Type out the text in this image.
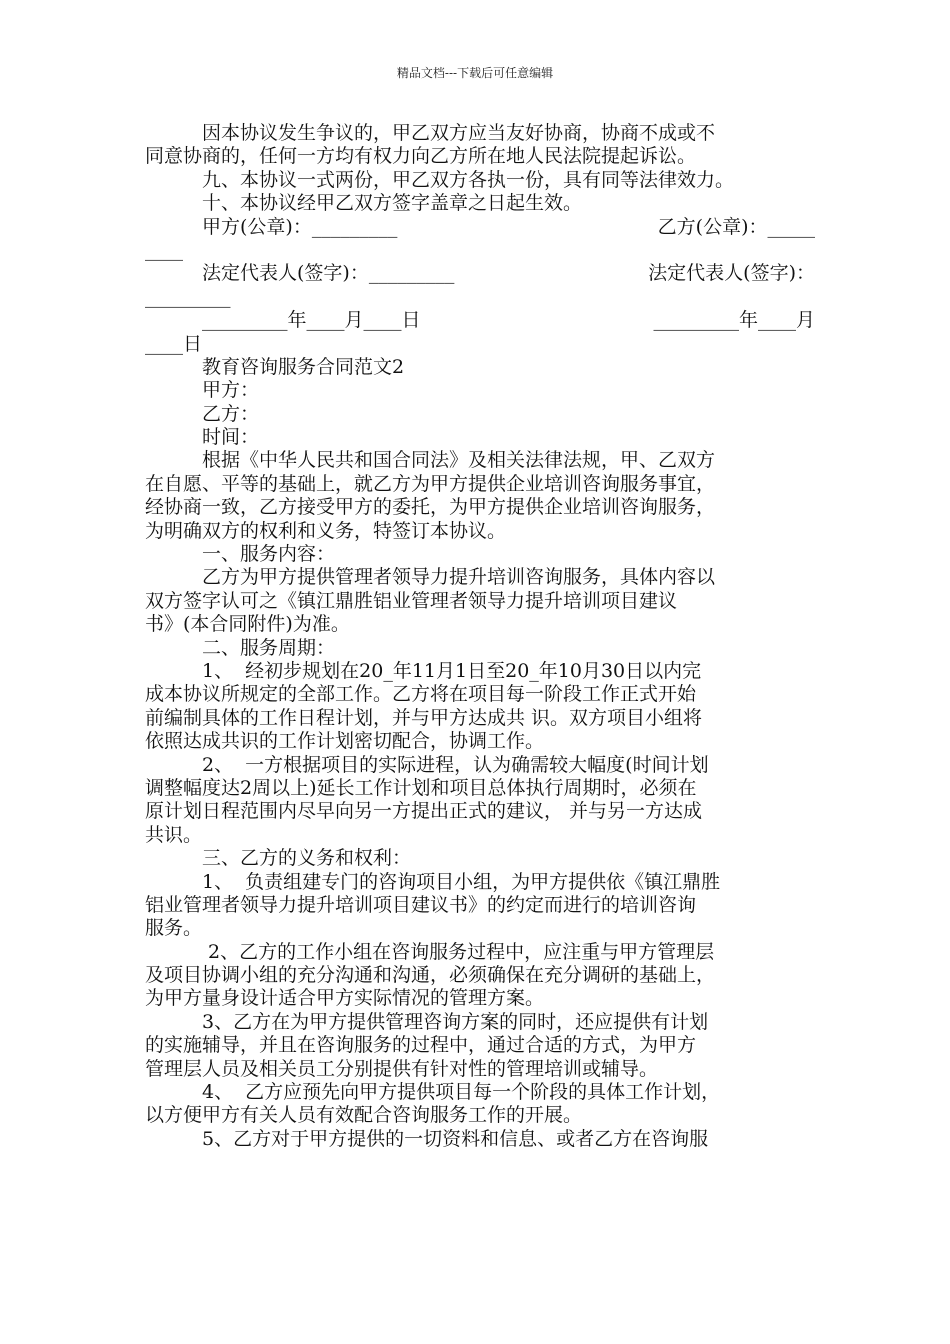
精品文档---下载后可任意编辑
因本协议发生争议的，甲乙双方应当友好协商，协商不成或不
同意协商的，任何一方均有权力向乙方所在地人民法院提起诉讼。
九、本协议一式两份，甲乙双方各执一份，具有同等法律效力。
十、本协议经甲乙双方签字盖章之日起生效。
甲方(公章)：_________	乙方(公章)：_____
____
法定代表人(签字)：_________	法定代表人(签字)：
_________
_________年____月____日	_________年____月
____日
教育咨询服务合同范文2
甲方：
乙方：
时间：
根据《中华人民共和国合同法》及相关法律法规，甲、乙双方
在自愿、平等的基础上，就乙方为甲方提供企业培训咨询服务事宜，
经协商一致，乙方接受甲方的委托，为甲方提供企业培训咨询服务，
为明确双方的权利和义务，特签订本协议。
一、服务内容：
乙方为甲方提供管理者领导力提升培训咨询服务，具体内容以
双方签字认可之《镇江鼎胜铝业管理者领导力提升培训项目建议
书》(本合同附件)为准。
二、服务周期：
1、  经初步规划在20_年11月1日至20_年10月30日以内完
成本协议所规定的全部工作。乙方将在项目每一阶段工作正式开始
前编制具体的工作日程计划，并与甲方达成共 识。双方项目小组将
依照达成共识的工作计划密切配合，协调工作。
2、  一方根据项目的实际进程，认为确需较大幅度(时间计划
调整幅度达2周以上)延长工作计划和项目总体执行周期时，必须在
原计划日程范围内尽早向另一方提出正式的建议， 并与另一方达成
共识。
三、乙方的义务和权利：
1、  负责组建专门的咨询项目小组，为甲方提供依《镇江鼎胜
铝业管理者领导力提升培训项目建议书》的约定而进行的培训咨询
服务。
2、乙方的工作小组在咨询服务过程中，应注重与甲方管理层
及项目协调小组的充分沟通和沟通，必须确保在充分调研的基础上，
为甲方量身设计适合甲方实际情况的管理方案。
3、乙方在为甲方提供管理咨询方案的同时，还应提供有计划
的实施辅导，并且在咨询服务的过程中，通过合适的方式，为甲方
管理层人员及相关员工分别提供有针对性的管理培训或辅导。
4、  乙方应预先向甲方提供项目每一个阶段的具体工作计划，
以方便甲方有关人员有效配合咨询服务工作的开展。
5、乙方对于甲方提供的一切资料和信息、或者乙方在咨询服
